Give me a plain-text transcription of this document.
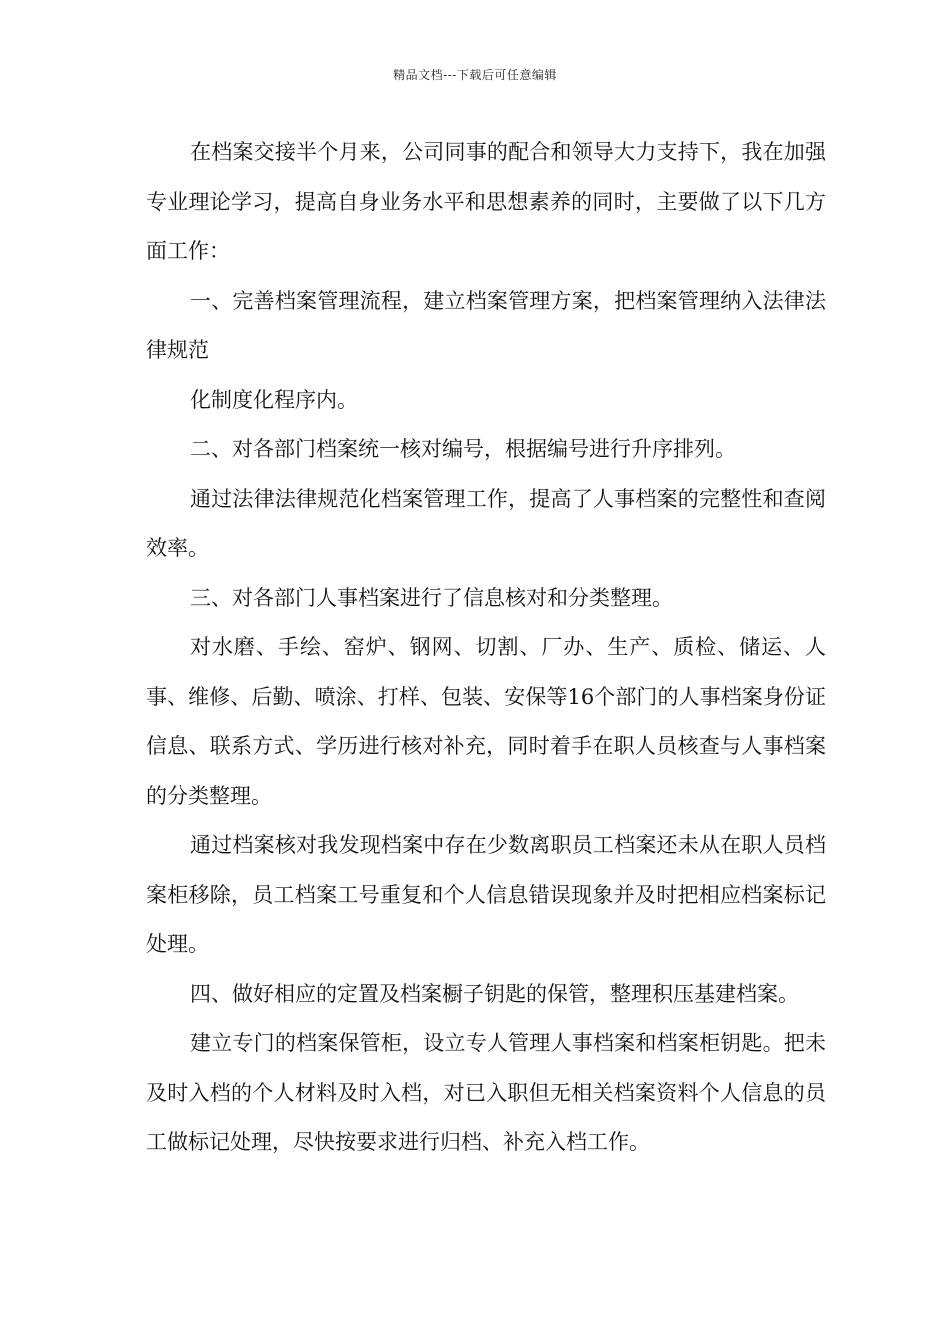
精品文档---下载后可任意编辑

在档案交接半个月来，公司同事的配合和领导大力支持下，我在加强专业理论学习，提高自身业务水平和思想素养的同时，主要做了以下几方面工作：

一、完善档案管理流程，建立档案管理方案，把档案管理纳入法律法律规范

化制度化程序内。

二、对各部门档案统一核对编号，根据编号进行升序排列。

通过法律法律规范化档案管理工作，提高了人事档案的完整性和查阅效率。

三、对各部门人事档案进行了信息核对和分类整理。

对水磨、手绘、窑炉、钢网、切割、厂办、生产、质检、储运、人事、维修、后勤、喷涂、打样、包装、安保等16个部门的人事档案身份证信息、联系方式、学历进行核对补充，同时着手在职人员核查与人事档案的分类整理。

通过档案核对我发现档案中存在少数离职员工档案还未从在职人员档案柜移除，员工档案工号重复和个人信息错误现象并及时把相应档案标记处理。

四、做好相应的定置及档案橱子钥匙的保管，整理积压基建档案。

建立专门的档案保管柜，设立专人管理人事档案和档案柜钥匙。把未及时入档的个人材料及时入档，对已入职但无相关档案资料个人信息的员工做标记处理，尽快按要求进行归档、补充入档工作。
